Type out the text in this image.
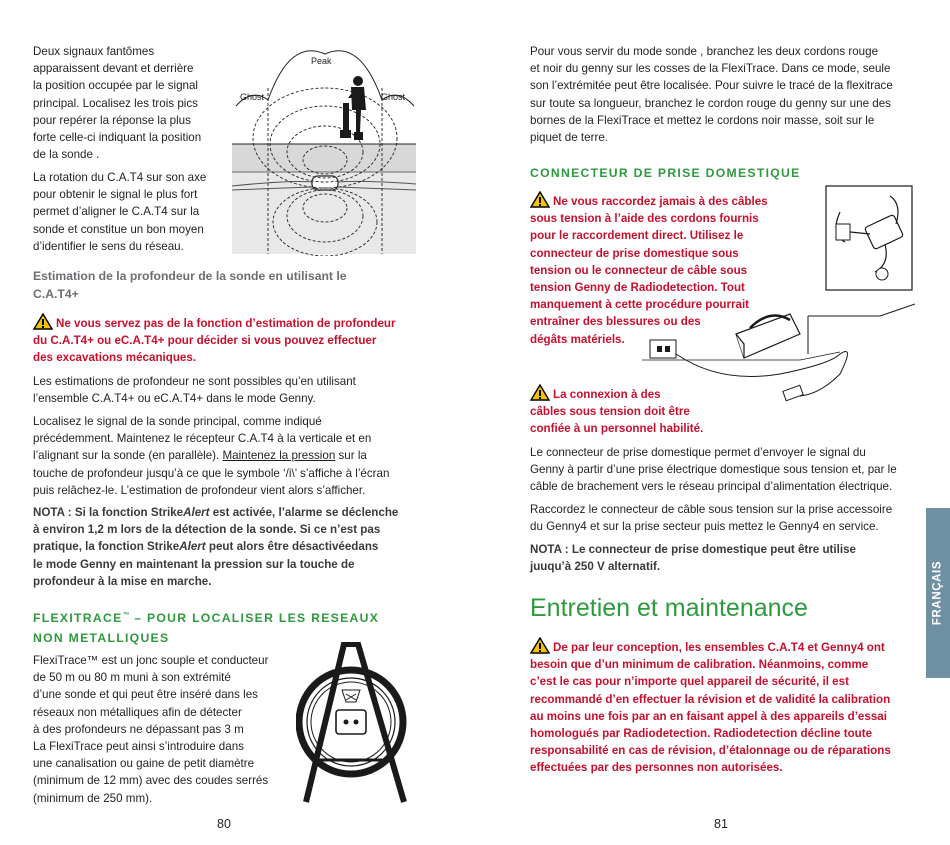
Deux signaux fantômes
apparaissent devant et derrière
la position occupée par le signal
principal. Localisez les trois pics
pour repérer la réponse la plus
forte celle-ci indiquant la position
de la sonde .
La rotation du C.A.T4 sur son axe
pour obtenir le signal le plus fort
permet d’aligner le C.A.T4 sur la
sonde et constitue un bon moyen
d’identifier le sens du réseau.
Peak
Ghost	Ghost
Estimation de la profondeur de la sonde en utilisant le
C.A.T4+
Ne vous servez pas de la fonction d’estimation de profondeur
du C.A.T4+ ou eC.A.T4+ pour décider si vous pouvez effectuer
des excavations mécaniques.
Les estimations de profondeur ne sont possibles qu’en utilisant
l’ensemble C.A.T4+ ou eC.A.T4+ dans le mode Genny.
Localisez le signal de la sonde principal, comme indiqué
précédemment. Maintenez le récepteur C.A.T4 à la verticale et en
l’alignant sur la sonde (en parallèle). Maintenez la pression sur la
touche de profondeur jusqu’à ce que le symbole ‘/i\’ s’affiche à l’écran
puis relâchez-le. L’estimation de profondeur vient alors s’afficher.
NOTA : Si la fonction StrikeAlert est activée, l’alarme se déclenche
à environ 1,2 m lors de la détection de la sonde. Si ce n’est pas
pratique, la fonction StrikeAlert peut alors être désactivéedans
le mode Genny en maintenant la pression sur la touche de
profondeur à la mise en marche.
FLEXITRACE™ – POUR LOCALISER LES RESEAUX
NON METALLIQUES
FlexiTrace™ est un jonc souple et conducteur
de 50 m ou 80 m muni à son extrémité
d’une sonde et qui peut être inséré dans les
réseaux non métalliques afin de détecter
à des profondeurs ne dépassant pas 3 m
La FlexiTrace peut ainsi s’introduire dans
une canalisation ou gaine de petit diamètre
(minimum de 12 mm) avec des coudes serrés
(minimum de 250 mm).
80
Pour vous servir du mode sonde , branchez les deux cordons rouge
et noir du genny sur les cosses de la FlexiTrace. Dans ce mode, seule
son l’extrémitée peut être localisée. Pour suivre le tracé de la flexitrace
sur toute sa longueur, branchez le cordon rouge du genny sur une des
bornes de la FlexiTrace et mettez le cordons noir masse, soit sur le
piquet de terre.
CONNECTEUR DE PRISE DOMESTIQUE
Ne vous raccordez jamais à des câbles
sous tension à l’aide des cordons fournis
pour le raccordement direct. Utilisez le
connecteur de prise domestique sous
tension ou le connecteur de câble sous
tension Genny de Radiodetection. Tout
manquement à cette procédure pourrait
entraîner des blessures ou des
dégâts matériels.
La connexion à des
câbles sous tension doit être
confiée à un personnel habilité.
Le connecteur de prise domestique permet d’envoyer le signal du
Genny à partir d’une prise électrique domestique sous tension et, par le
câble de brachement vers le réseau principal d’alimentation électrique.
Raccordez le connecteur de câble sous tension sur la prise accessoire
du Genny4 et sur la prise secteur puis mettez le Genny4 en service.
NOTA : Le connecteur de prise domestique peut être utilise
juuqu’à 250 V alternatif.
Entretien et maintenance
De par leur conception, les ensembles C.A.T4 et Genny4 ont
besoin que d’un minimum de calibration. Néanmoins, comme
c’est le cas pour n’importe quel appareil de sécurité, il est
recommandé d’en effectuer la révision et de validité la calibration
au moins une fois par an en faisant appel à des appareils d’essai
homologués par Radiodetection. Radiodetection décline toute
responsabilité en cas de révision, d’étalonnage ou de réparations
effectuées par des personnes non autorisées.
81
FRANÇAIS
